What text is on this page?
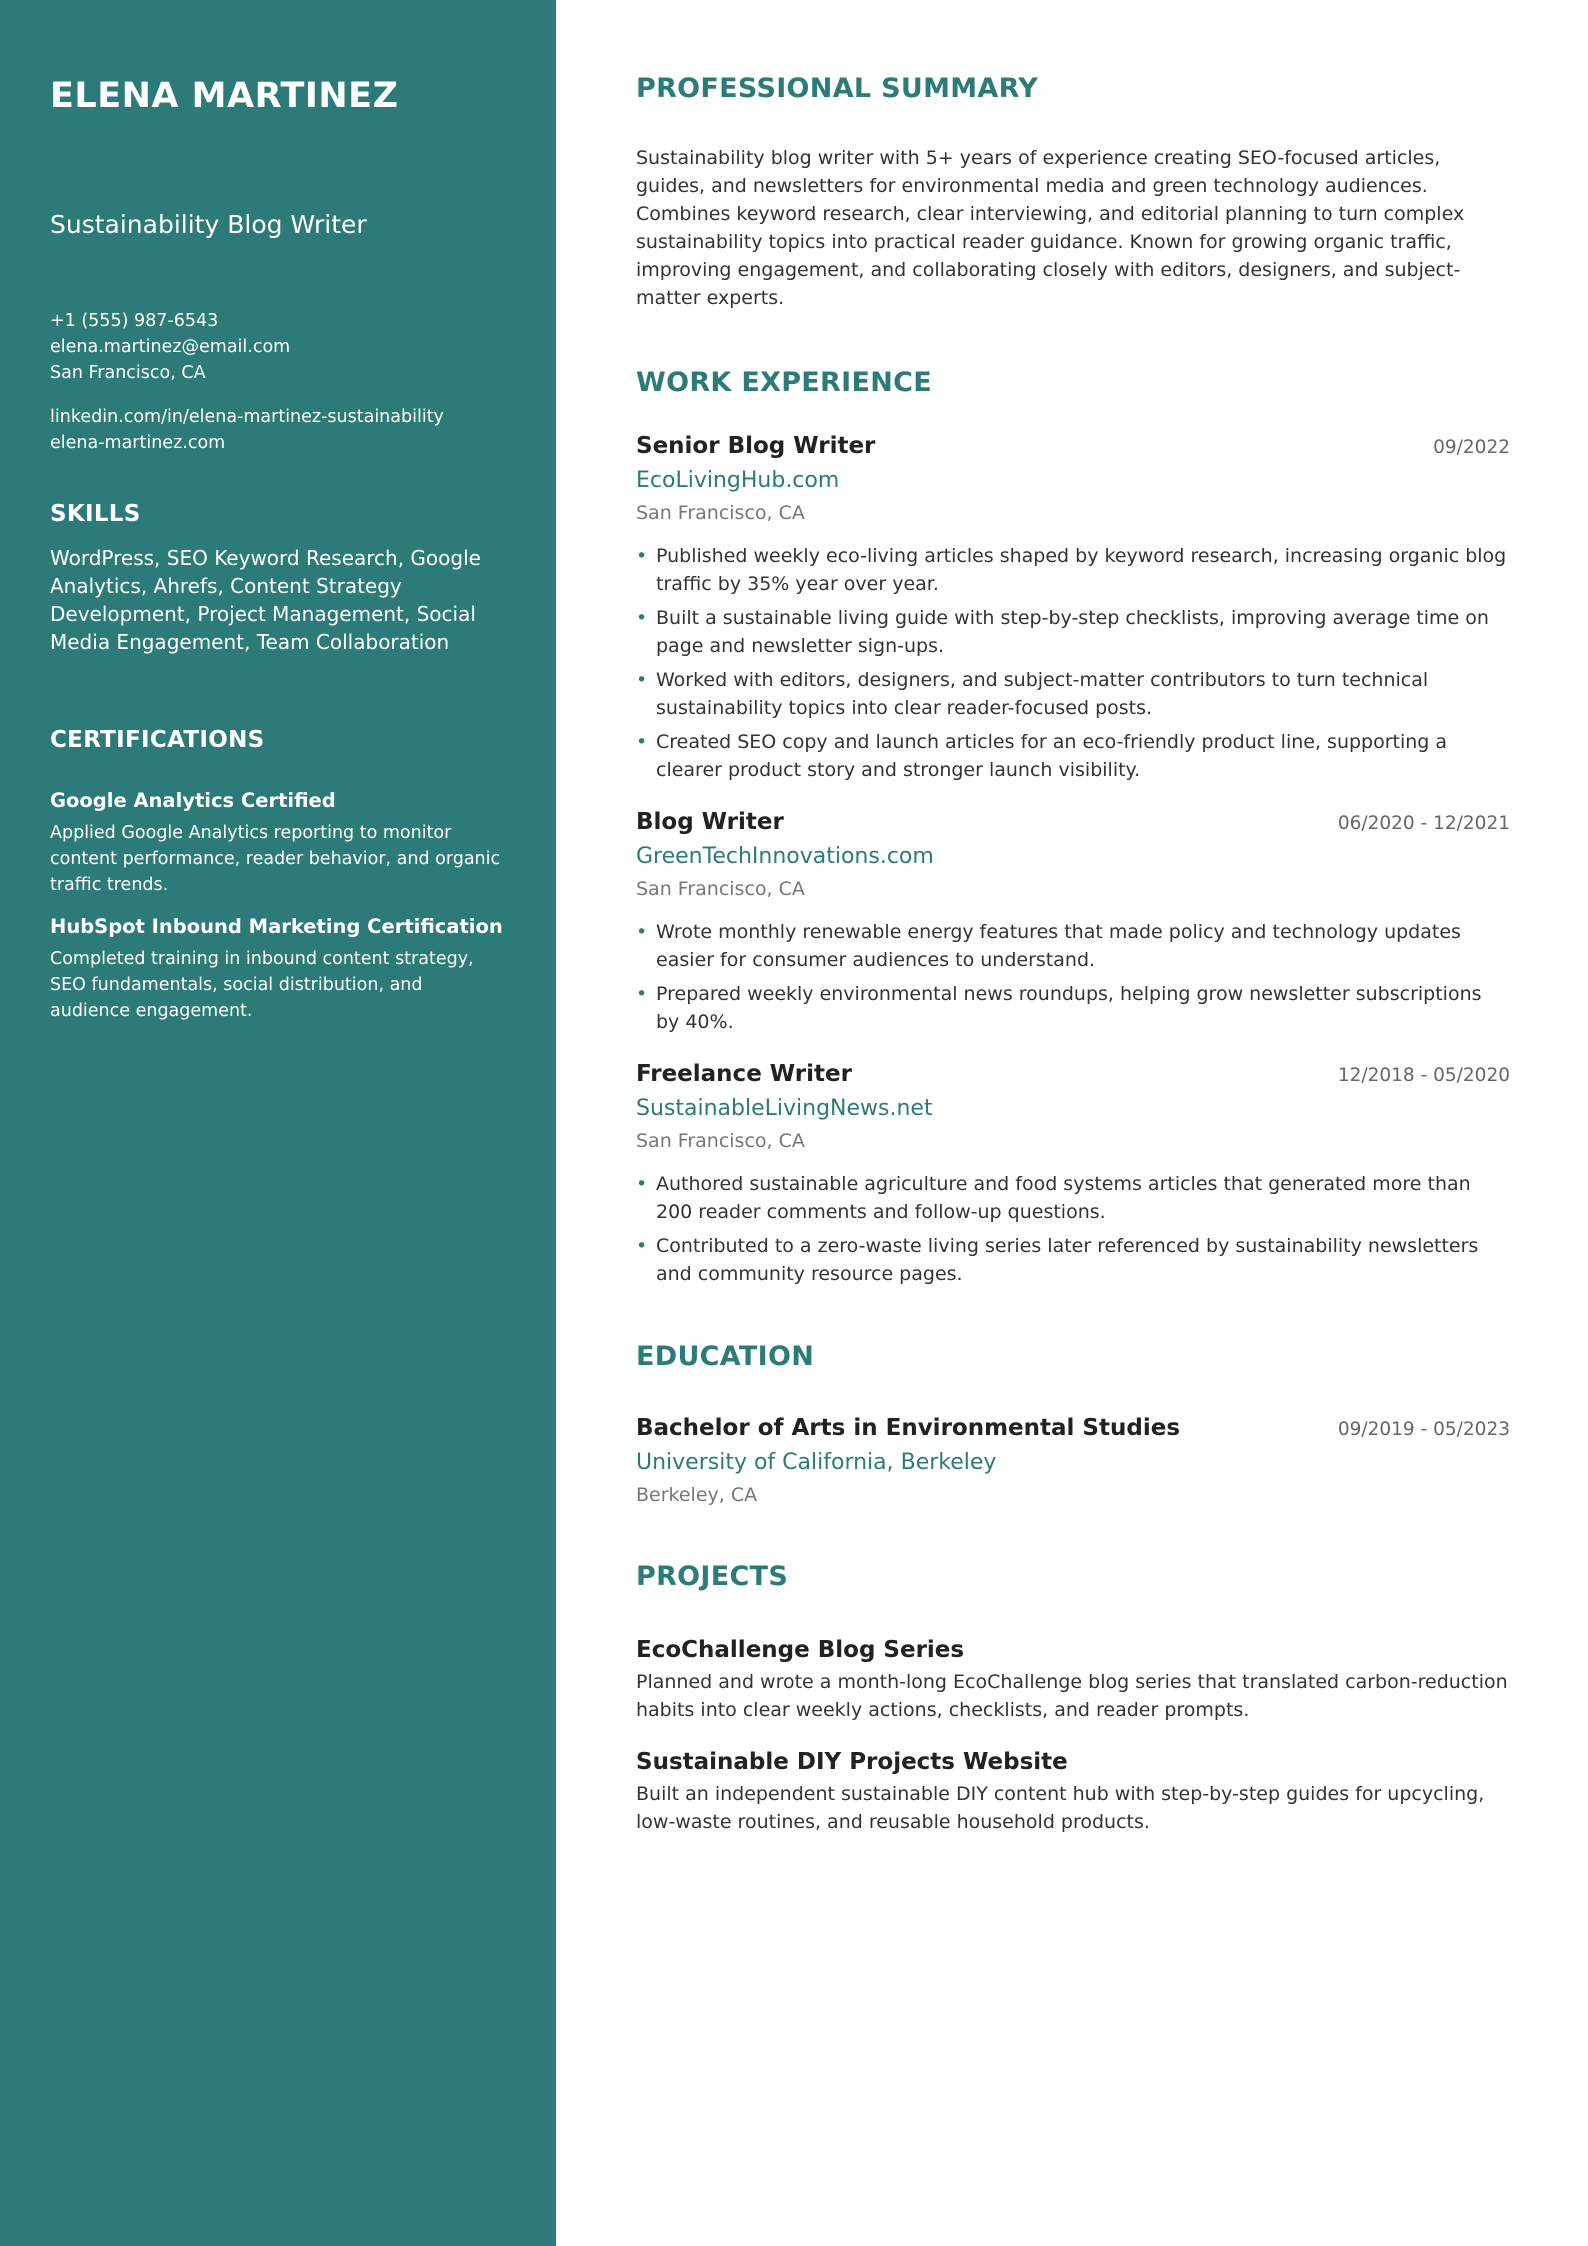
ELENA MARTINEZ
Sustainability Blog Writer
+1 (555) 987-6543
elena.martinez@email.com
San Francisco, CA
linkedin.com/in/elena-martinez-sustainability
elena-martinez.com
SKILLS

WordPress, SEO Keyword Research, Google Analytics, Ahrefs, Content Strategy Development, Project Management, Social Media Engagement, Team Collaboration

CERTIFICATIONS
Google Analytics Certified
Applied Google Analytics reporting to monitor content performance, reader behavior, and organic traffic trends.
HubSpot Inbound Marketing Certification
Completed training in inbound content strategy, SEO fundamentals, social distribution, and audience engagement.
PROFESSIONAL SUMMARY

Sustainability blog writer with 5+ years of experience creating SEO-focused articles, guides, and newsletters for environmental media and green technology audiences. Combines keyword research, clear interviewing, and editorial planning to turn complex sustainability topics into practical reader guidance. Known for growing organic traffic, improving engagement, and collaborating closely with editors, designers, and subject-matter experts.

WORK EXPERIENCE
Senior Blog Writer	09/2022
EcoLivingHub.com
San Francisco, CA
• Published weekly eco-living articles shaped by keyword research, increasing organic blog traffic by 35% year over year.
• Built a sustainable living guide with step-by-step checklists, improving average time on page and newsletter sign-ups.
• Worked with editors, designers, and subject-matter contributors to turn technical sustainability topics into clear reader-focused posts.
• Created SEO copy and launch articles for an eco-friendly product line, supporting a clearer product story and stronger launch visibility.
Blog Writer	06/2020 - 12/2021
GreenTechInnovations.com
San Francisco, CA
• Wrote monthly renewable energy features that made policy and technology updates easier for consumer audiences to understand.
• Prepared weekly environmental news roundups, helping grow newsletter subscriptions by 40%.
Freelance Writer	12/2018 - 05/2020
SustainableLivingNews.net
San Francisco, CA
• Authored sustainable agriculture and food systems articles that generated more than 200 reader comments and follow-up questions.
• Contributed to a zero-waste living series later referenced by sustainability newsletters and community resource pages.
EDUCATION
Bachelor of Arts in Environmental Studies	09/2019 - 05/2023
University of California, Berkeley
Berkeley, CA
PROJECTS
EcoChallenge Blog Series
Planned and wrote a month-long EcoChallenge blog series that translated carbon-reduction habits into clear weekly actions, checklists, and reader prompts.
Sustainable DIY Projects Website
Built an independent sustainable DIY content hub with step-by-step guides for upcycling, low-waste routines, and reusable household products.
